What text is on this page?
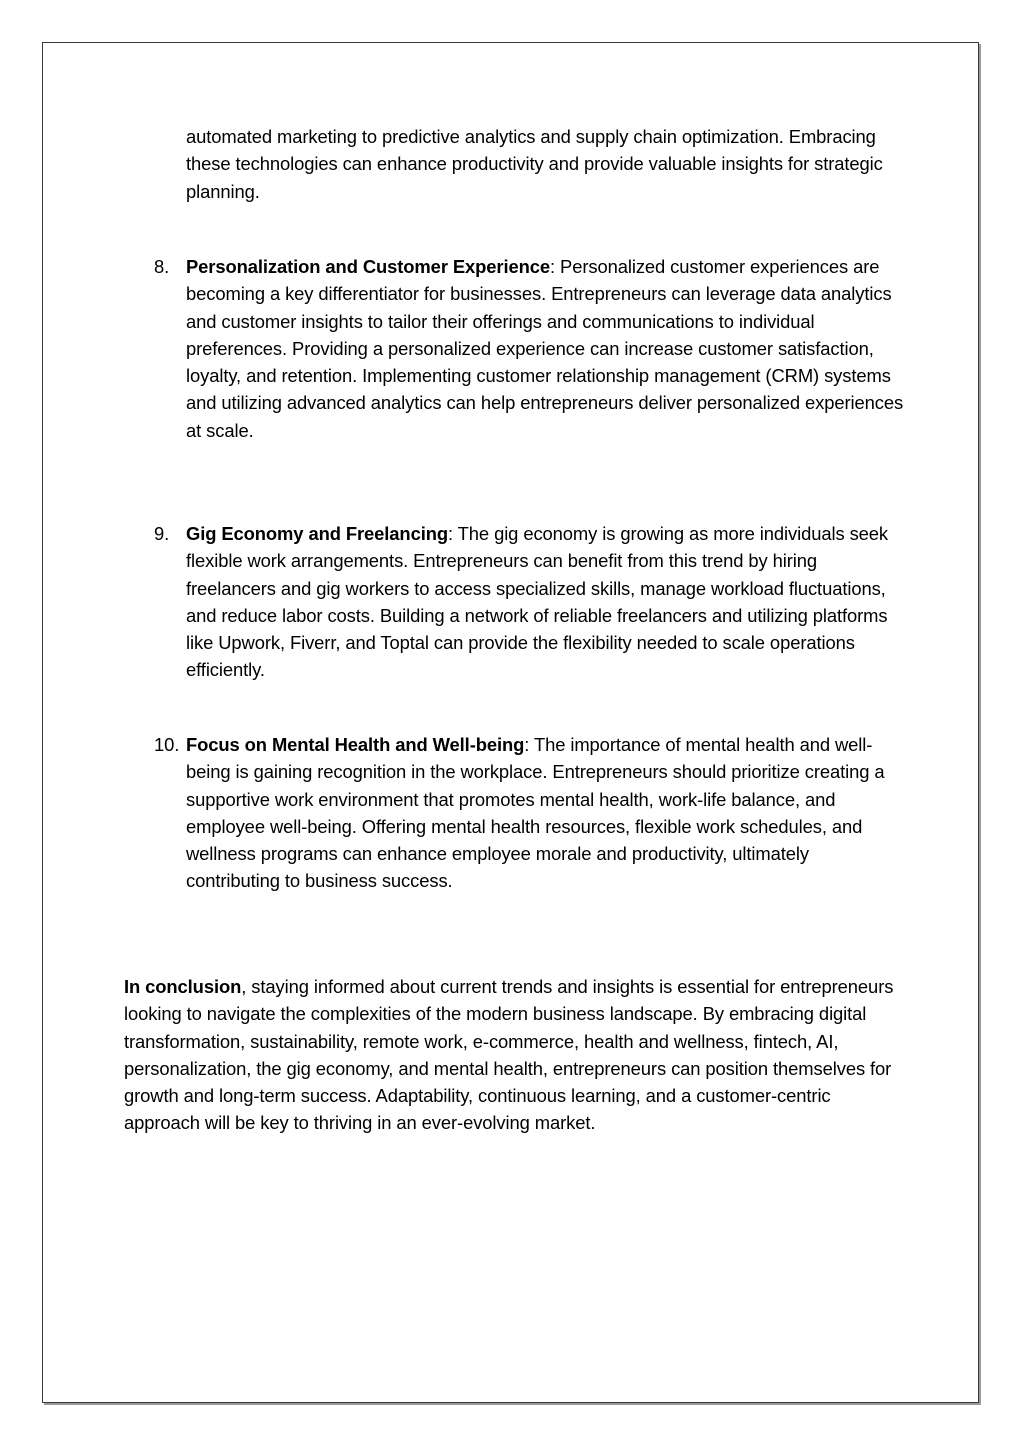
automated marketing to predictive analytics and supply chain optimization. Embracing these technologies can enhance productivity and provide valuable insights for strategic planning.

8. Personalization and Customer Experience: Personalized customer experiences are becoming a key differentiator for businesses. Entrepreneurs can leverage data analytics and customer insights to tailor their offerings and communications to individual preferences. Providing a personalized experience can increase customer satisfaction, loyalty, and retention. Implementing customer relationship management (CRM) systems and utilizing advanced analytics can help entrepreneurs deliver personalized experiences at scale.
9. Gig Economy and Freelancing: The gig economy is growing as more individuals seek flexible work arrangements. Entrepreneurs can benefit from this trend by hiring freelancers and gig workers to access specialized skills, manage workload fluctuations, and reduce labor costs. Building a network of reliable freelancers and utilizing platforms like Upwork, Fiverr, and Toptal can provide the flexibility needed to scale operations efficiently.
10. Focus on Mental Health and Well-being: The importance of mental health and well-being is gaining recognition in the workplace. Entrepreneurs should prioritize creating a supportive work environment that promotes mental health, work-life balance, and employee well-being. Offering mental health resources, flexible work schedules, and wellness programs can enhance employee morale and productivity, ultimately contributing to business success.

In conclusion, staying informed about current trends and insights is essential for entrepreneurs looking to navigate the complexities of the modern business landscape. By embracing digital transformation, sustainability, remote work, e-commerce, health and wellness, fintech, AI, personalization, the gig economy, and mental health, entrepreneurs can position themselves for growth and long-term success. Adaptability, continuous learning, and a customer-centric approach will be key to thriving in an ever-evolving market.
